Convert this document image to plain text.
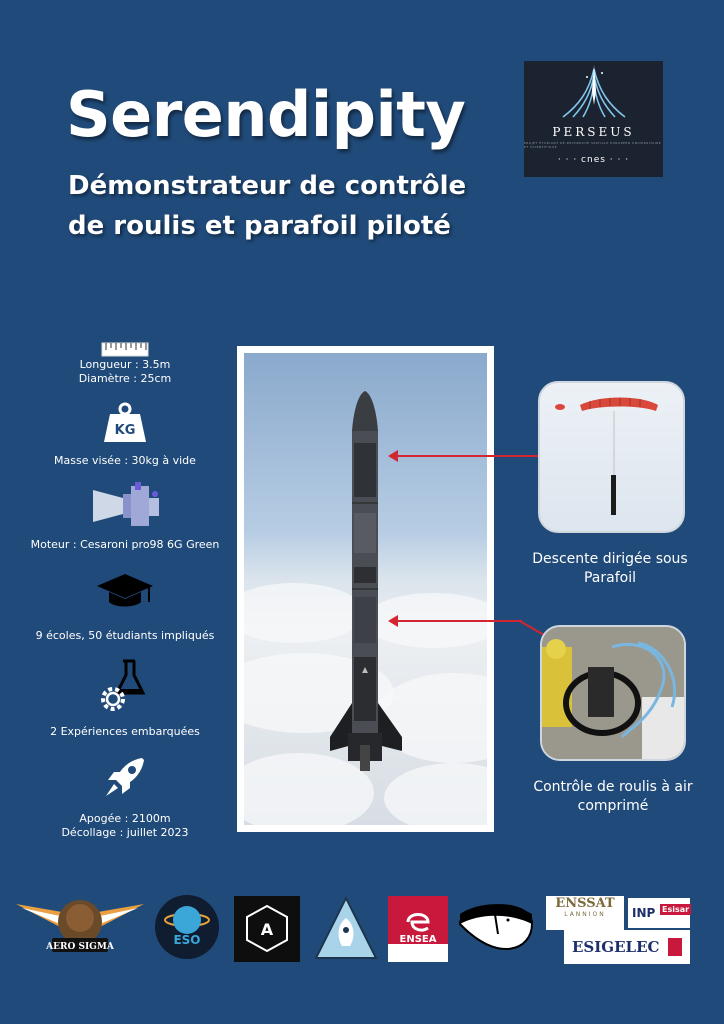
Serendipity
Démonstrateur de contrôle
de roulis et parafoil piloté
PERSEUS
PROJET ÉTUDIANT DE RECHERCHE SPATIALE EUROPÉEN UNIVERSITAIRE ET SCIENTIFIQUE
· · · cnes · · ·
Longueur : 3.5m
Diamètre : 25cm
KG
Masse visée : 30kg à vide
Moteur : Cesaroni pro98 6G Green
9 écoles, 50 étudiants impliqués
2 Expériences embarquées
Apogée : 2100m
Décollage : juillet 2023
Descente dirigée sous
Parafoil
Contrôle de roulis à air
comprimé
AERO SIGMA	ESO
A
ENSEA
ENSSAT
LANNION	INP Esisar
ESIGELEC
